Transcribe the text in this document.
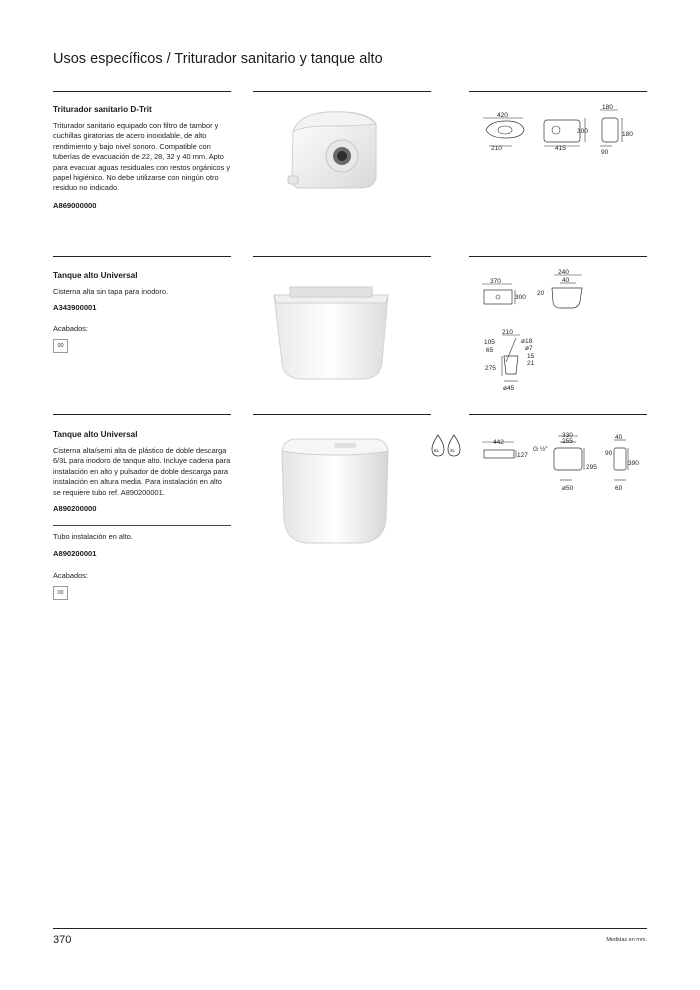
Usos específicos / Triturador sanitario y tanque alto
Triturador sanitario D-Trit
Triturador sanitario equipado con filtro de tambor y cuchillas giratorias de acero inoxidable, de alto rendimiento y bajo nivel sonoro. Compatible con tuberías de evacuación de 22, 28, 32 y 40 mm. Apto para evacuar aguas residuales con restos orgánicos y papel higiénico. No debe utilizarse con ningún otro residuo no indicado.
A869000000
420
210	415
300
180
180
90
Tanque alto Universal
Cisterna alta sin tapa para inodoro.
A343900001
Acabados:
00
370
300
240
40
20
210
105
65
ø18
ø7
15
21
275
ø45
Tanque alto Universal
Cisterna alta/semi alta de plástico de doble descarga 6/3L para inodoro de tanque alto. Incluye cadena para instalación en alto y pulsador de doble descarga para instalación en altura media. Para instalación en alto se requiere tubo ref. A890200001.
A890200000
Tubo instalación en alto.
A890200001
Acabados:
00
6L 3L
442
127
330
255
G ½"
295
ø50
40
90
390
60
370	Medidas en mm.
